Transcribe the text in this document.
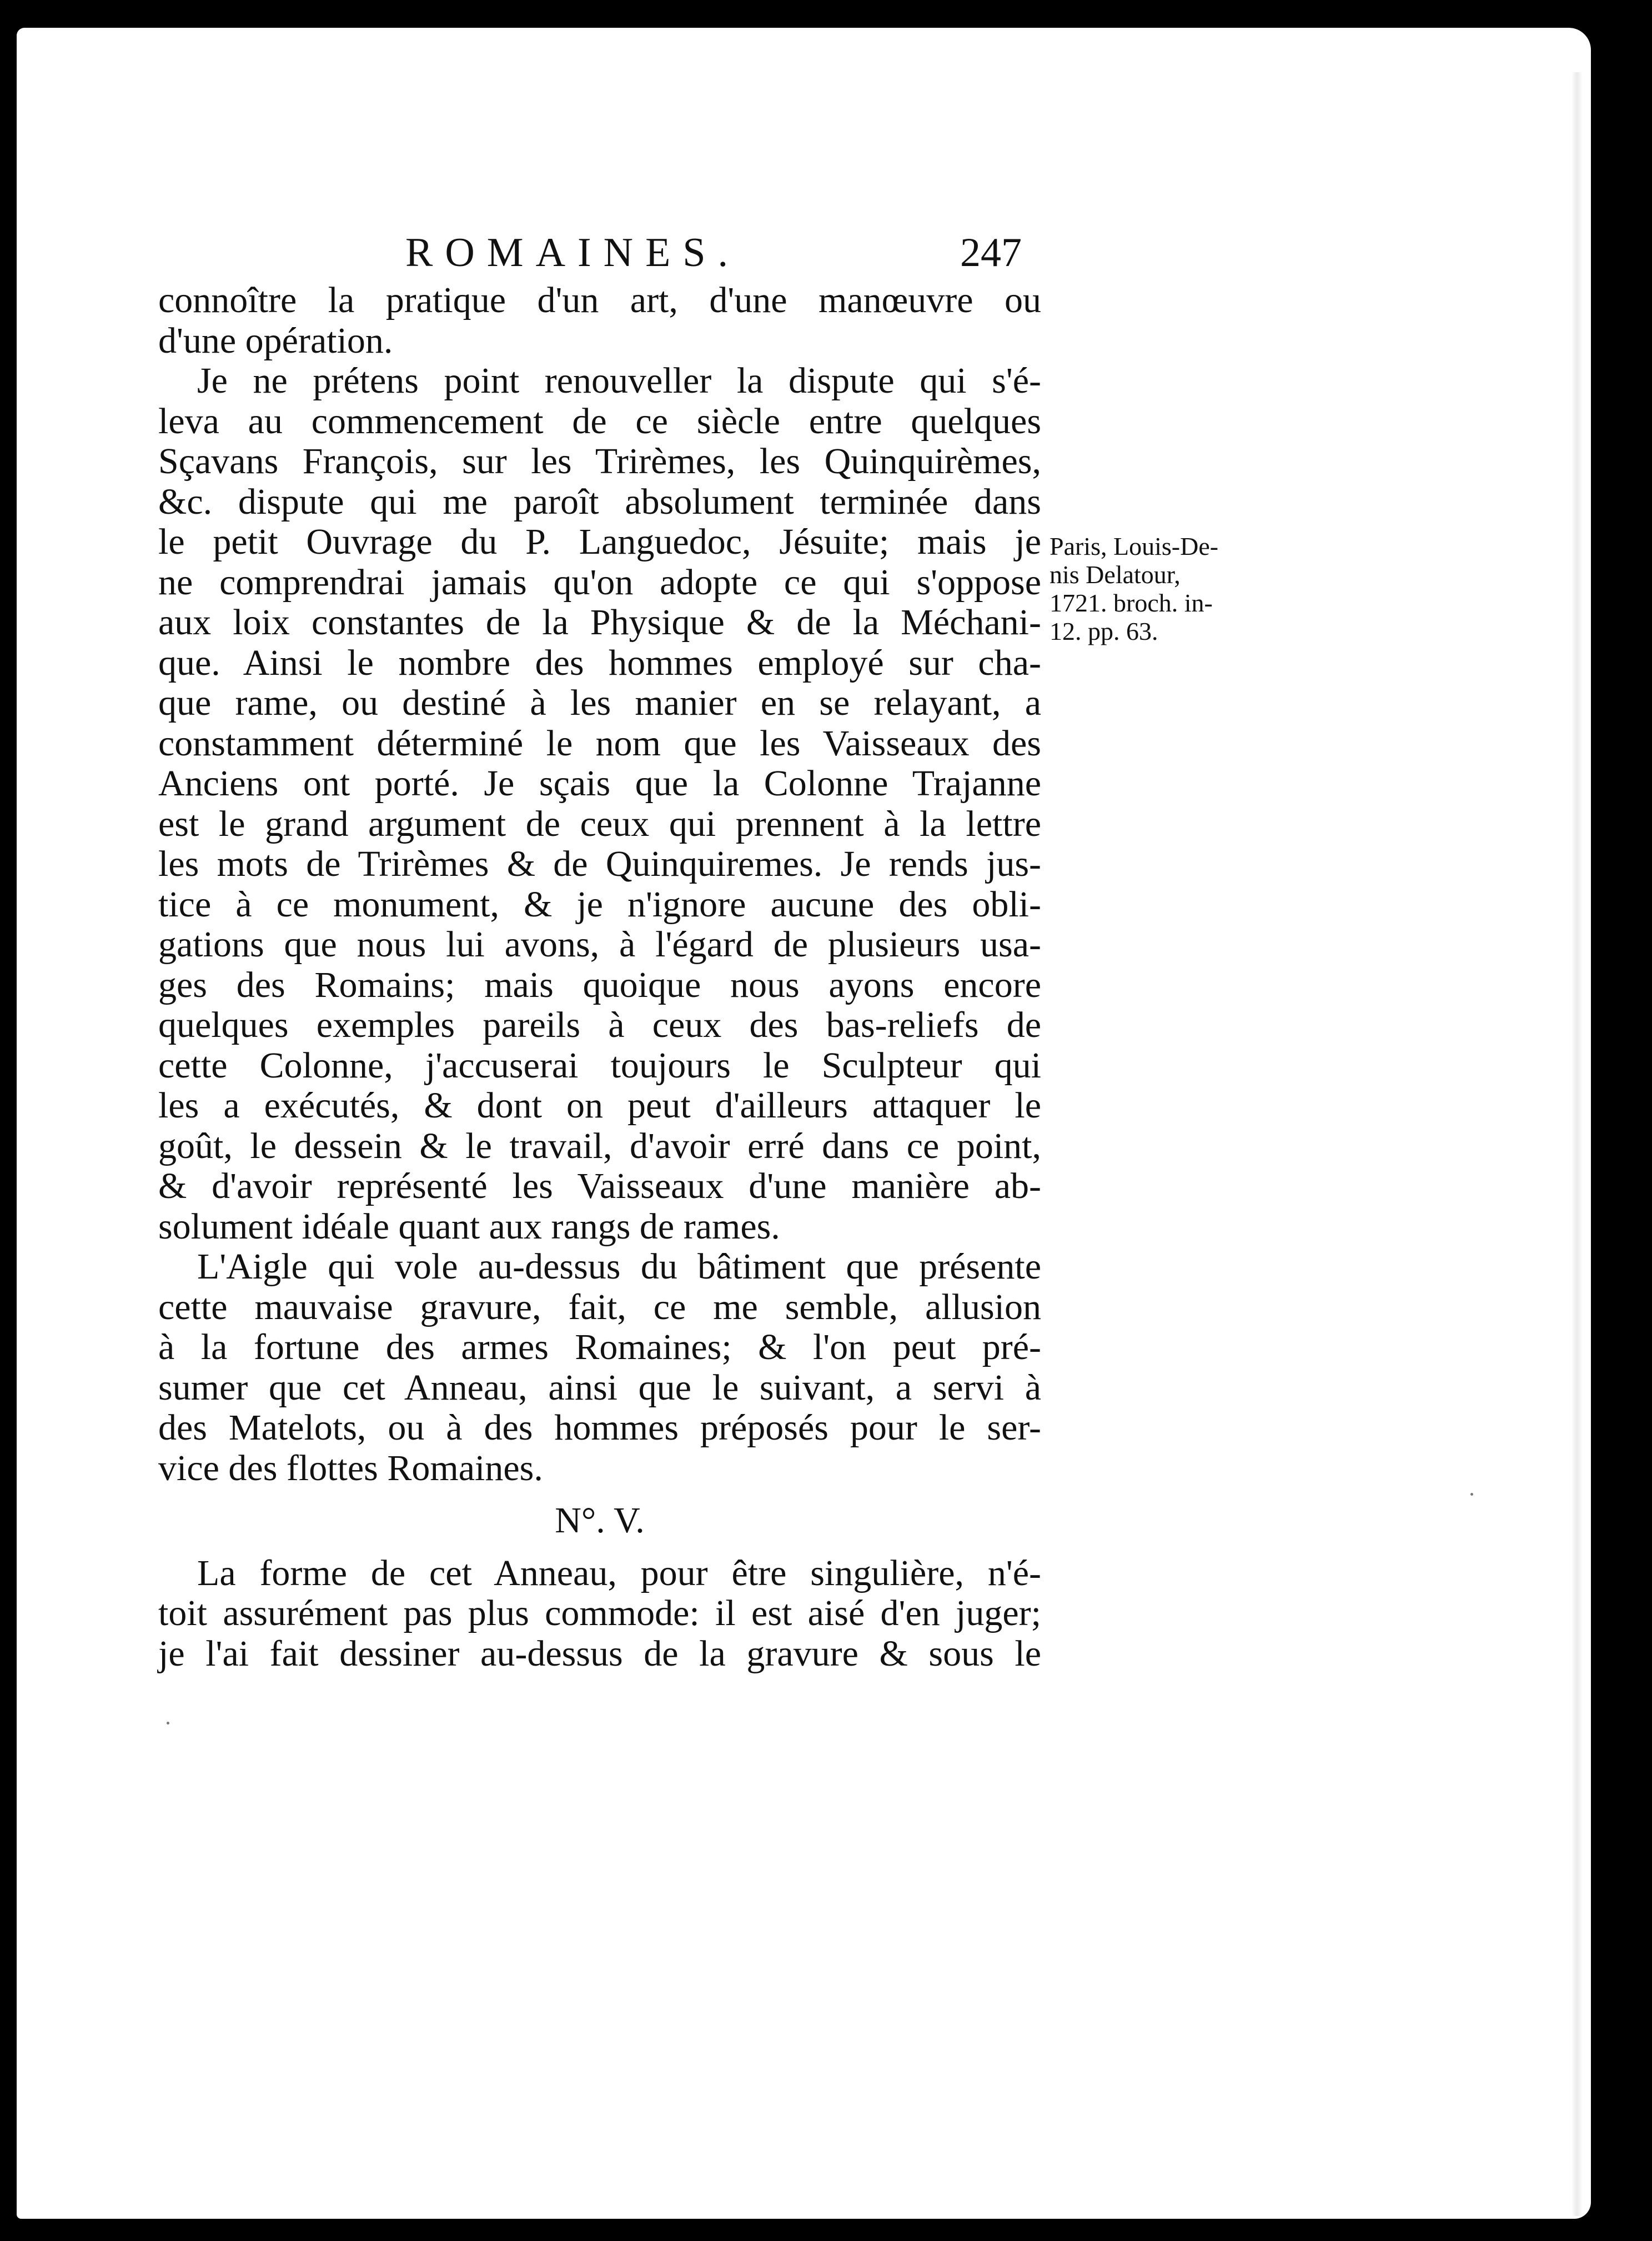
ROMAINES.	247
connoître la pratique d'un art, d'une manœuvre ou
d'une opération.
Je ne prétens point renouveller la dispute qui s'é-
leva au commencement de ce siècle entre quelques
Sçavans François, sur les Trirèmes, les Quinquirèmes,
&c. dispute qui me paroît absolument terminée dans
le petit Ouvrage du P. Languedoc, Jésuite; mais je
ne comprendrai jamais qu'on adopte ce qui s'oppose
aux loix constantes de la Physique & de la Méchani-
que. Ainsi le nombre des hommes employé sur cha-
que rame, ou destiné à les manier en se relayant, a
constamment déterminé le nom que les Vaisseaux des
Anciens ont porté. Je sçais que la Colonne Trajanne
est le grand argument de ceux qui prennent à la lettre
les mots de Trirèmes & de Quinquiremes. Je rends jus-
tice à ce monument, & je n'ignore aucune des obli-
gations que nous lui avons, à l'égard de plusieurs usa-
ges des Romains; mais quoique nous ayons encore
quelques exemples pareils à ceux des bas-reliefs de
cette Colonne, j'accuserai toujours le Sculpteur qui
les a exécutés, & dont on peut d'ailleurs attaquer le
goût, le dessein & le travail, d'avoir erré dans ce point,
& d'avoir représenté les Vaisseaux d'une manière ab-
solument idéale quant aux rangs de rames.
L'Aigle qui vole au-dessus du bâtiment que présente
cette mauvaise gravure, fait, ce me semble, allusion
à la fortune des armes Romaines; & l'on peut pré-
sumer que cet Anneau, ainsi que le suivant, a servi à
des Matelots, ou à des hommes préposés pour le ser-
vice des flottes Romaines.
N°. V.
La forme de cet Anneau, pour être singulière, n'é-
toit assurément pas plus commode: il est aisé d'en juger;
je l'ai fait dessiner au-dessus de la gravure & sous le
Paris, Louis-De-
nis Delatour,
1721. broch. in-
12. pp. 63.
